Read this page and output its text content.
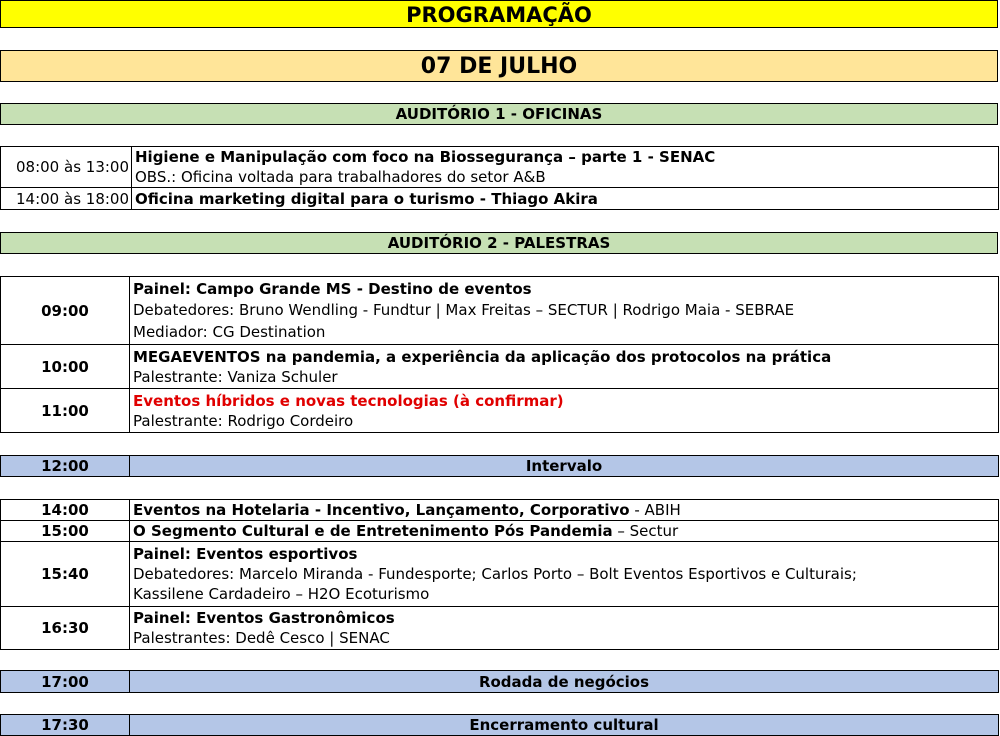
PROGRAMAÇÃO
07 DE JULHO
AUDITÓRIO 1 - OFICINAS
08:00 às 13:00	Higiene e Manipulação com foco na Biossegurança – parte 1 - SENAC
OBS.: Oficina voltada para trabalhadores do setor A&B

14:00 às 18:00	Oficina marketing digital para o turismo - Thiago Akira
AUDITÓRIO 2 - PALESTRAS
09:00	Painel: Campo Grande MS - Destino de eventos
Debatedores: Bruno Wendling - Fundtur | Max Freitas – SECTUR | Rodrigo Maia - SEBRAE
Mediador: CG Destination

10:00	MEGAEVENTOS na pandemia, a experiência da aplicação dos protocolos na prática
Palestrante: Vaniza Schuler

11:00	Eventos híbridos e novas tecnologias (à confirmar)
Palestrante: Rodrigo Cordeiro
12:00	Intervalo
14:00	Eventos na Hotelaria - Incentivo, Lançamento, Corporativo - ABIH

15:00	O Segmento Cultural e de Entretenimento Pós Pandemia – Sectur

15:40	Painel: Eventos esportivos
Debatedores: Marcelo Miranda - Fundesporte; Carlos Porto – Bolt Eventos Esportivos e Culturais;
Kassilene Cardadeiro – H2O Ecoturismo

16:30	Painel: Eventos Gastronômicos
Palestrantes: Dedê Cesco | SENAC
17:00	Rodada de negócios
17:30	Encerramento cultural
